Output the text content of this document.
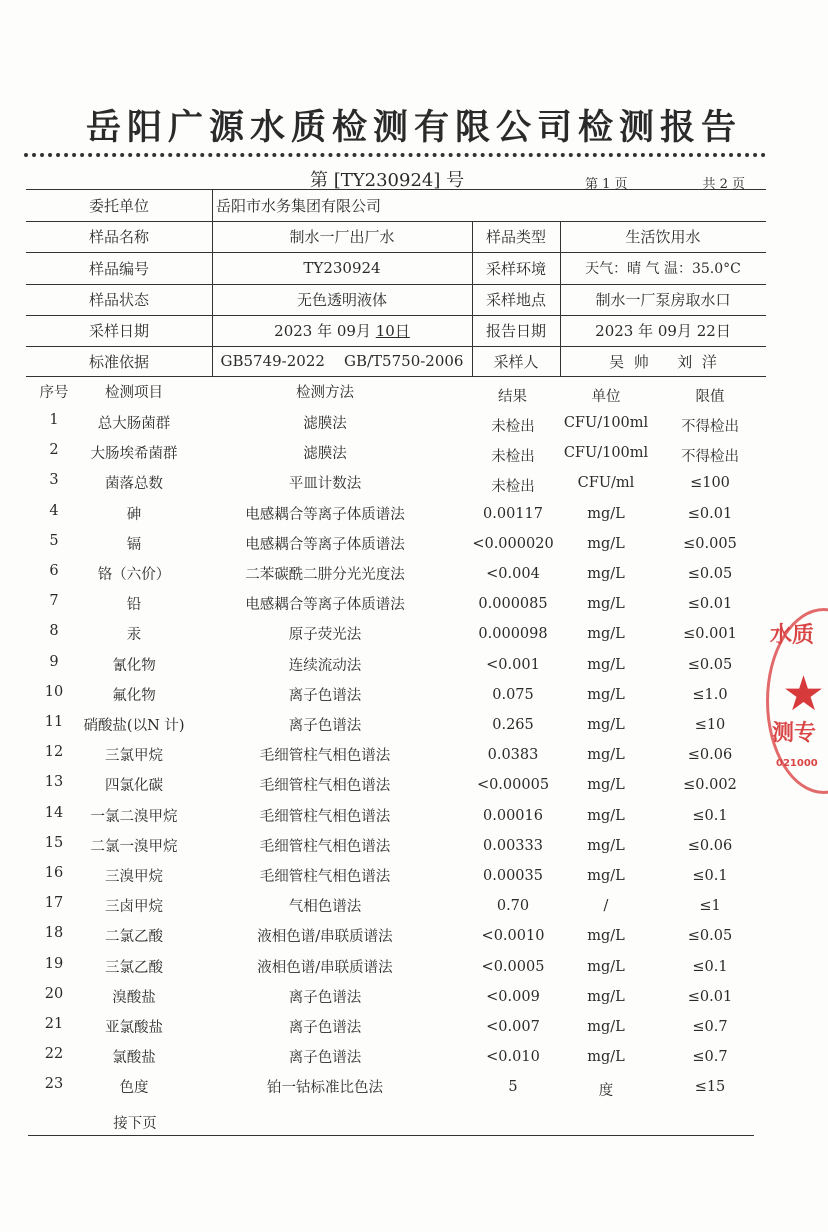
岳阳广源水质检测有限公司检测报告
第 [TY230924] 号	第 1 页	共 2 页
委托单位	岳阳市水务集团有限公司
样品名称	制水一厂出厂水	样品类型	生活饮用水
样品编号	TY230924	采样环境	天气：晴 气 温：35.0°C
样品状态	无色透明液体	采样地点	制水一厂泵房取水口
采样日期	2023 年 09月 10日	报告日期	2023 年 09月 22日
标准依据	GB5749-2022    GB/T5750-2006	采样人	吴  帅      刘  洋
序号	检测项目	检测方法	结果	单位	限值
1	总大肠菌群	滤膜法	未检出	CFU/100ml	不得检出
2	大肠埃希菌群	滤膜法	未检出	CFU/100ml	不得检出
3	菌落总数	平皿计数法	未检出	CFU/ml	≤100
4	砷	电感耦合等离子体质谱法	0.00117	mg/L	≤0.01
5	镉	电感耦合等离子体质谱法	<0.000020	mg/L	≤0.005
6	铬（六价）	二苯碳酰二肼分光光度法	<0.004	mg/L	≤0.05
7	铅	电感耦合等离子体质谱法	0.000085	mg/L	≤0.01
8	汞	原子荧光法	0.000098	mg/L	≤0.001
9	氰化物	连续流动法	<0.001	mg/L	≤0.05
10	氟化物	离子色谱法	0.075	mg/L	≤1.0
11	硝酸盐(以N 计)	离子色谱法	0.265	mg/L	≤10
12	三氯甲烷	毛细管柱气相色谱法	0.0383	mg/L	≤0.06
13	四氯化碳	毛细管柱气相色谱法	<0.00005	mg/L	≤0.002
14	一氯二溴甲烷	毛细管柱气相色谱法	0.00016	mg/L	≤0.1
15	二氯一溴甲烷	毛细管柱气相色谱法	0.00333	mg/L	≤0.06
16	三溴甲烷	毛细管柱气相色谱法	0.00035	mg/L	≤0.1
17	三卤甲烷	气相色谱法	0.70	/	≤1
18	二氯乙酸	液相色谱/串联质谱法	<0.0010	mg/L	≤0.05
19	三氯乙酸	液相色谱/串联质谱法	<0.0005	mg/L	≤0.1
20	溴酸盐	离子色谱法	<0.009	mg/L	≤0.01
21	亚氯酸盐	离子色谱法	<0.007	mg/L	≤0.7
22	氯酸盐	离子色谱法	<0.010	mg/L	≤0.7
23	色度	铂一钴标准比色法	5	度	≤15
接下页
水质
★
测专
021000
